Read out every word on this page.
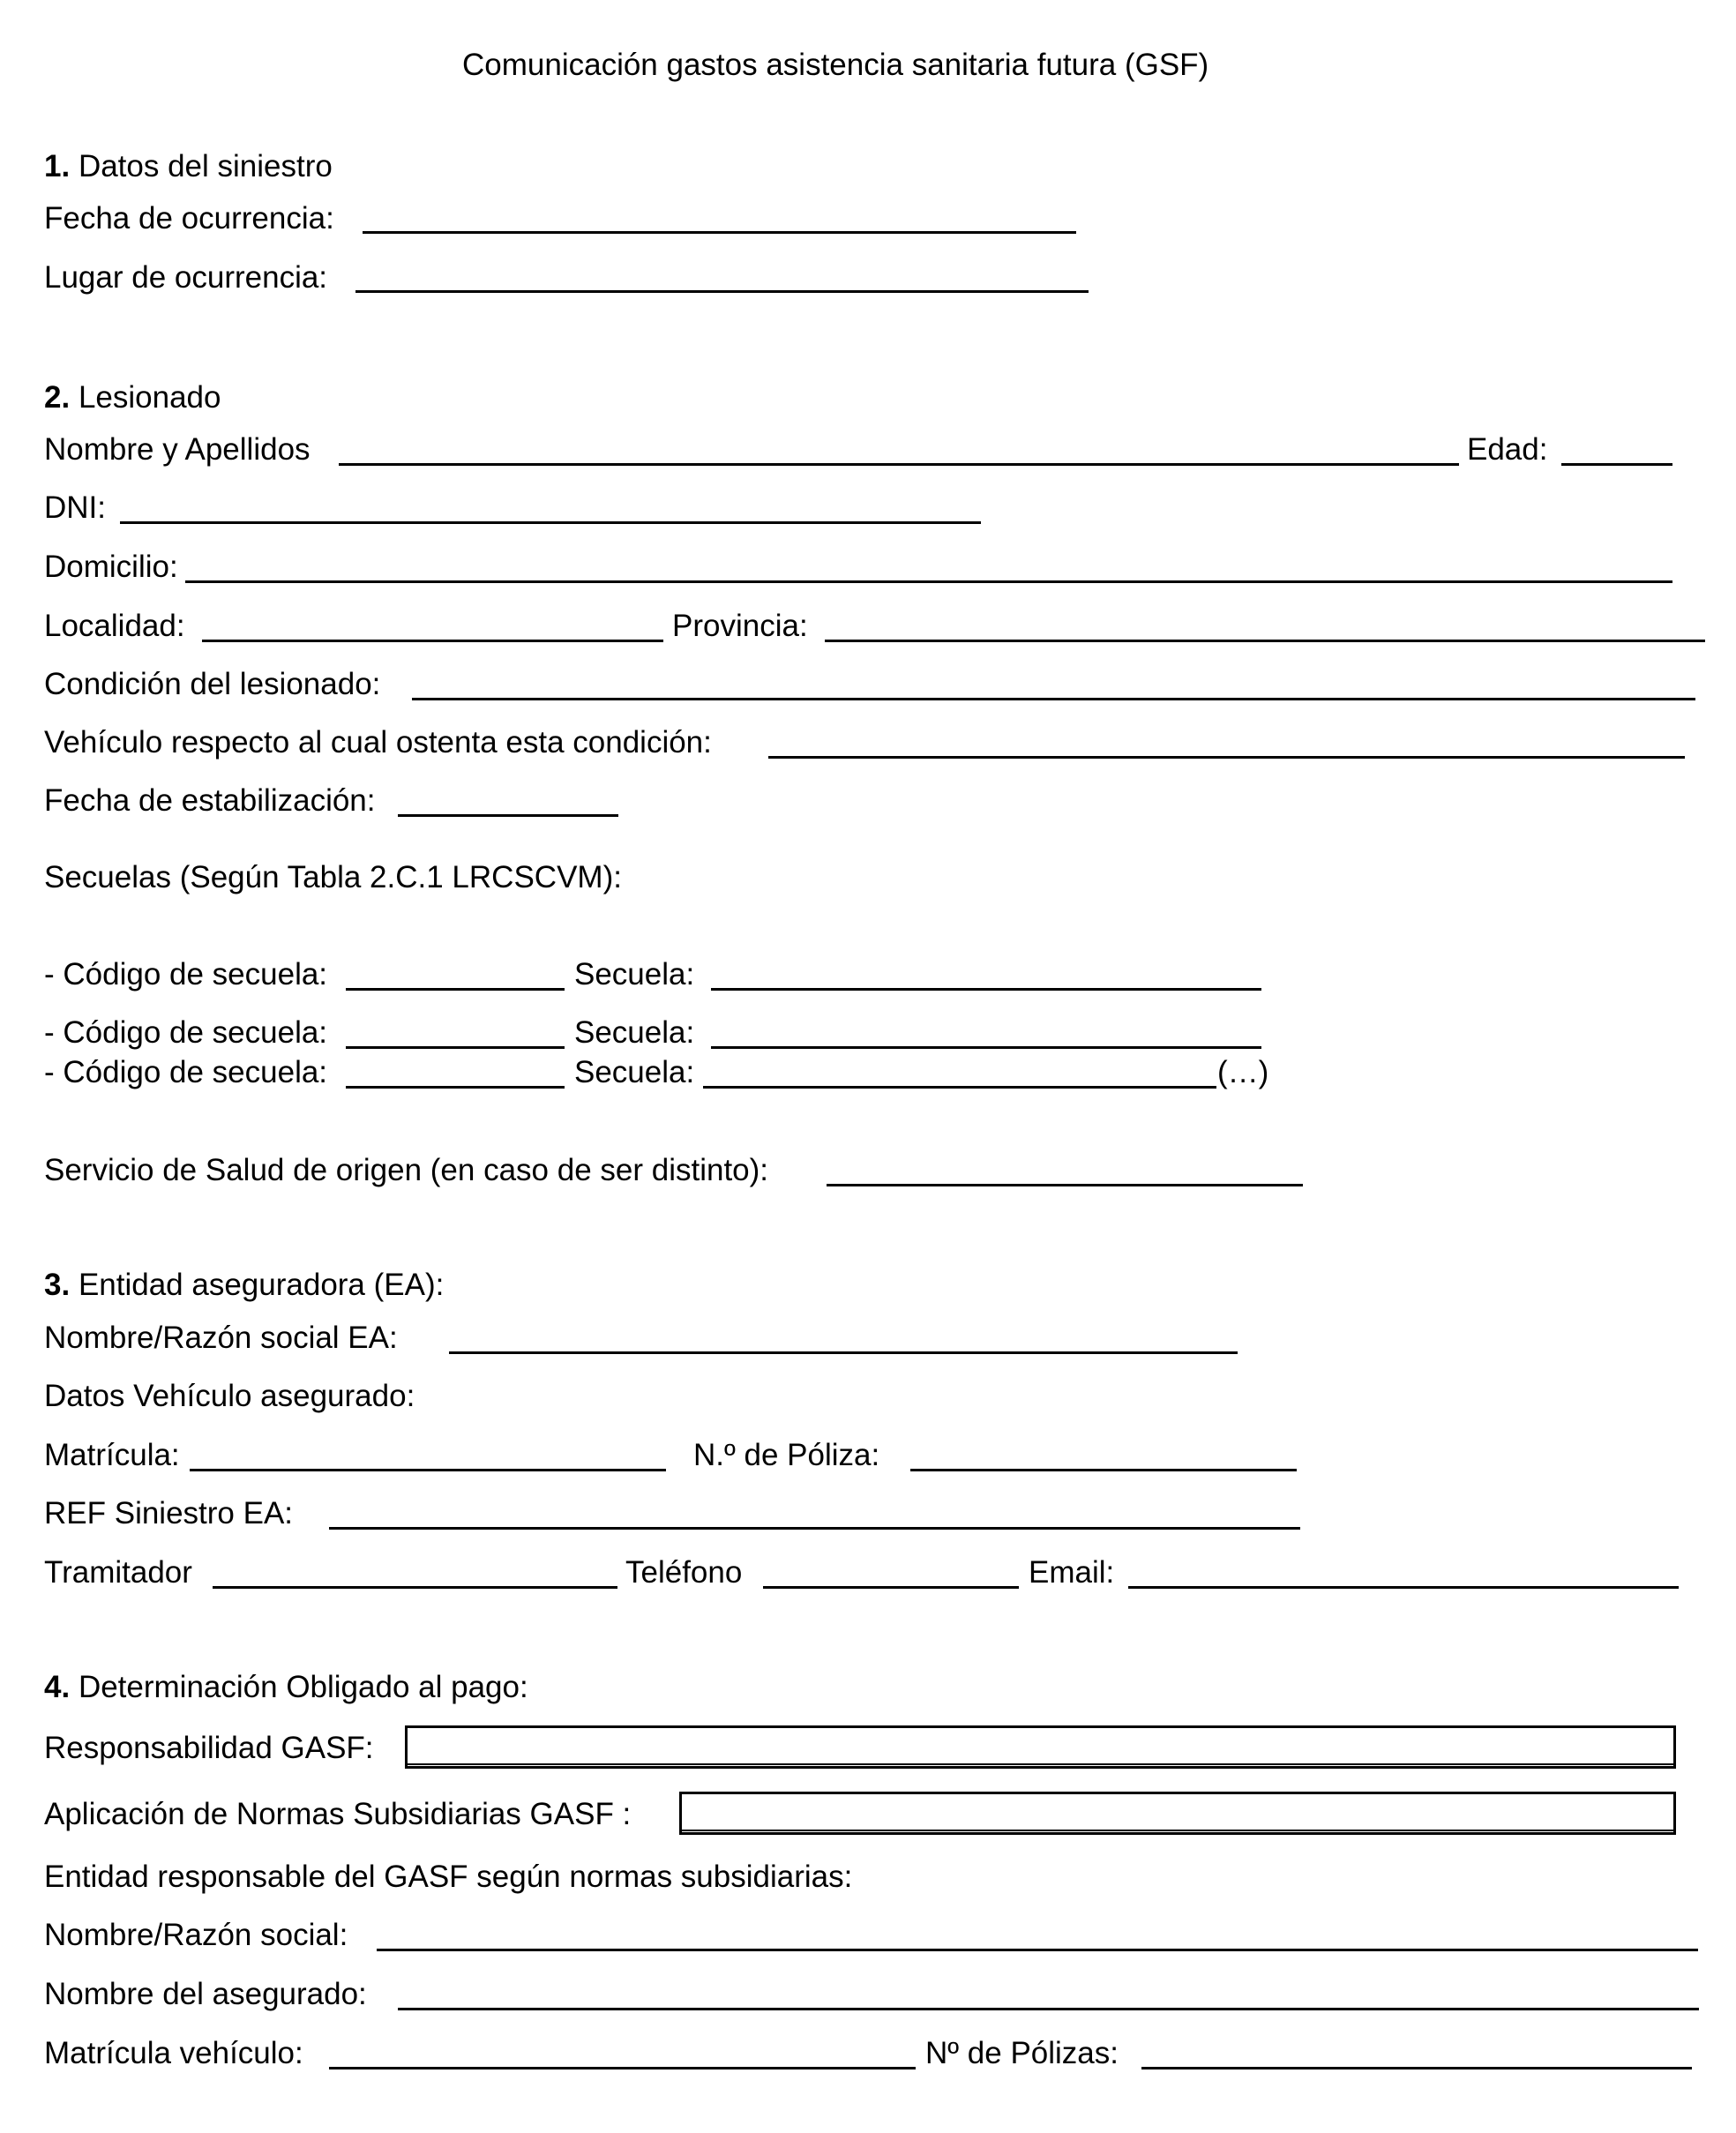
Comunicación gastos asistencia sanitaria futura (GSF)
1. Datos del siniestro
Fecha de ocurrencia:
Lugar de ocurrencia:
2. Lesionado
Nombre y Apellidos	Edad:
DNI:
Domicilio:
Localidad:	Provincia:
Condición del lesionado:
Vehículo respecto al cual ostenta esta condición:
Fecha de estabilización:
Secuelas (Según Tabla 2.C.1 LRCSCVM):
- Código de secuela:	Secuela:
- Código de secuela:	Secuela:
- Código de secuela:	Secuela:	(…)
Servicio de Salud de origen (en caso de ser distinto):
3. Entidad aseguradora (EA):
Nombre/Razón social EA:
Datos Vehículo asegurado:
Matrícula:	N.º de Póliza:
REF Siniestro EA:
Tramitador	Teléfono	Email:
4. Determinación Obligado al pago:
Responsabilidad GASF:
Aplicación de Normas Subsidiarias GASF :
Entidad responsable del GASF según normas subsidiarias:
Nombre/Razón social:
Nombre del asegurado:
Matrícula vehículo:	Nº de Pólizas:
